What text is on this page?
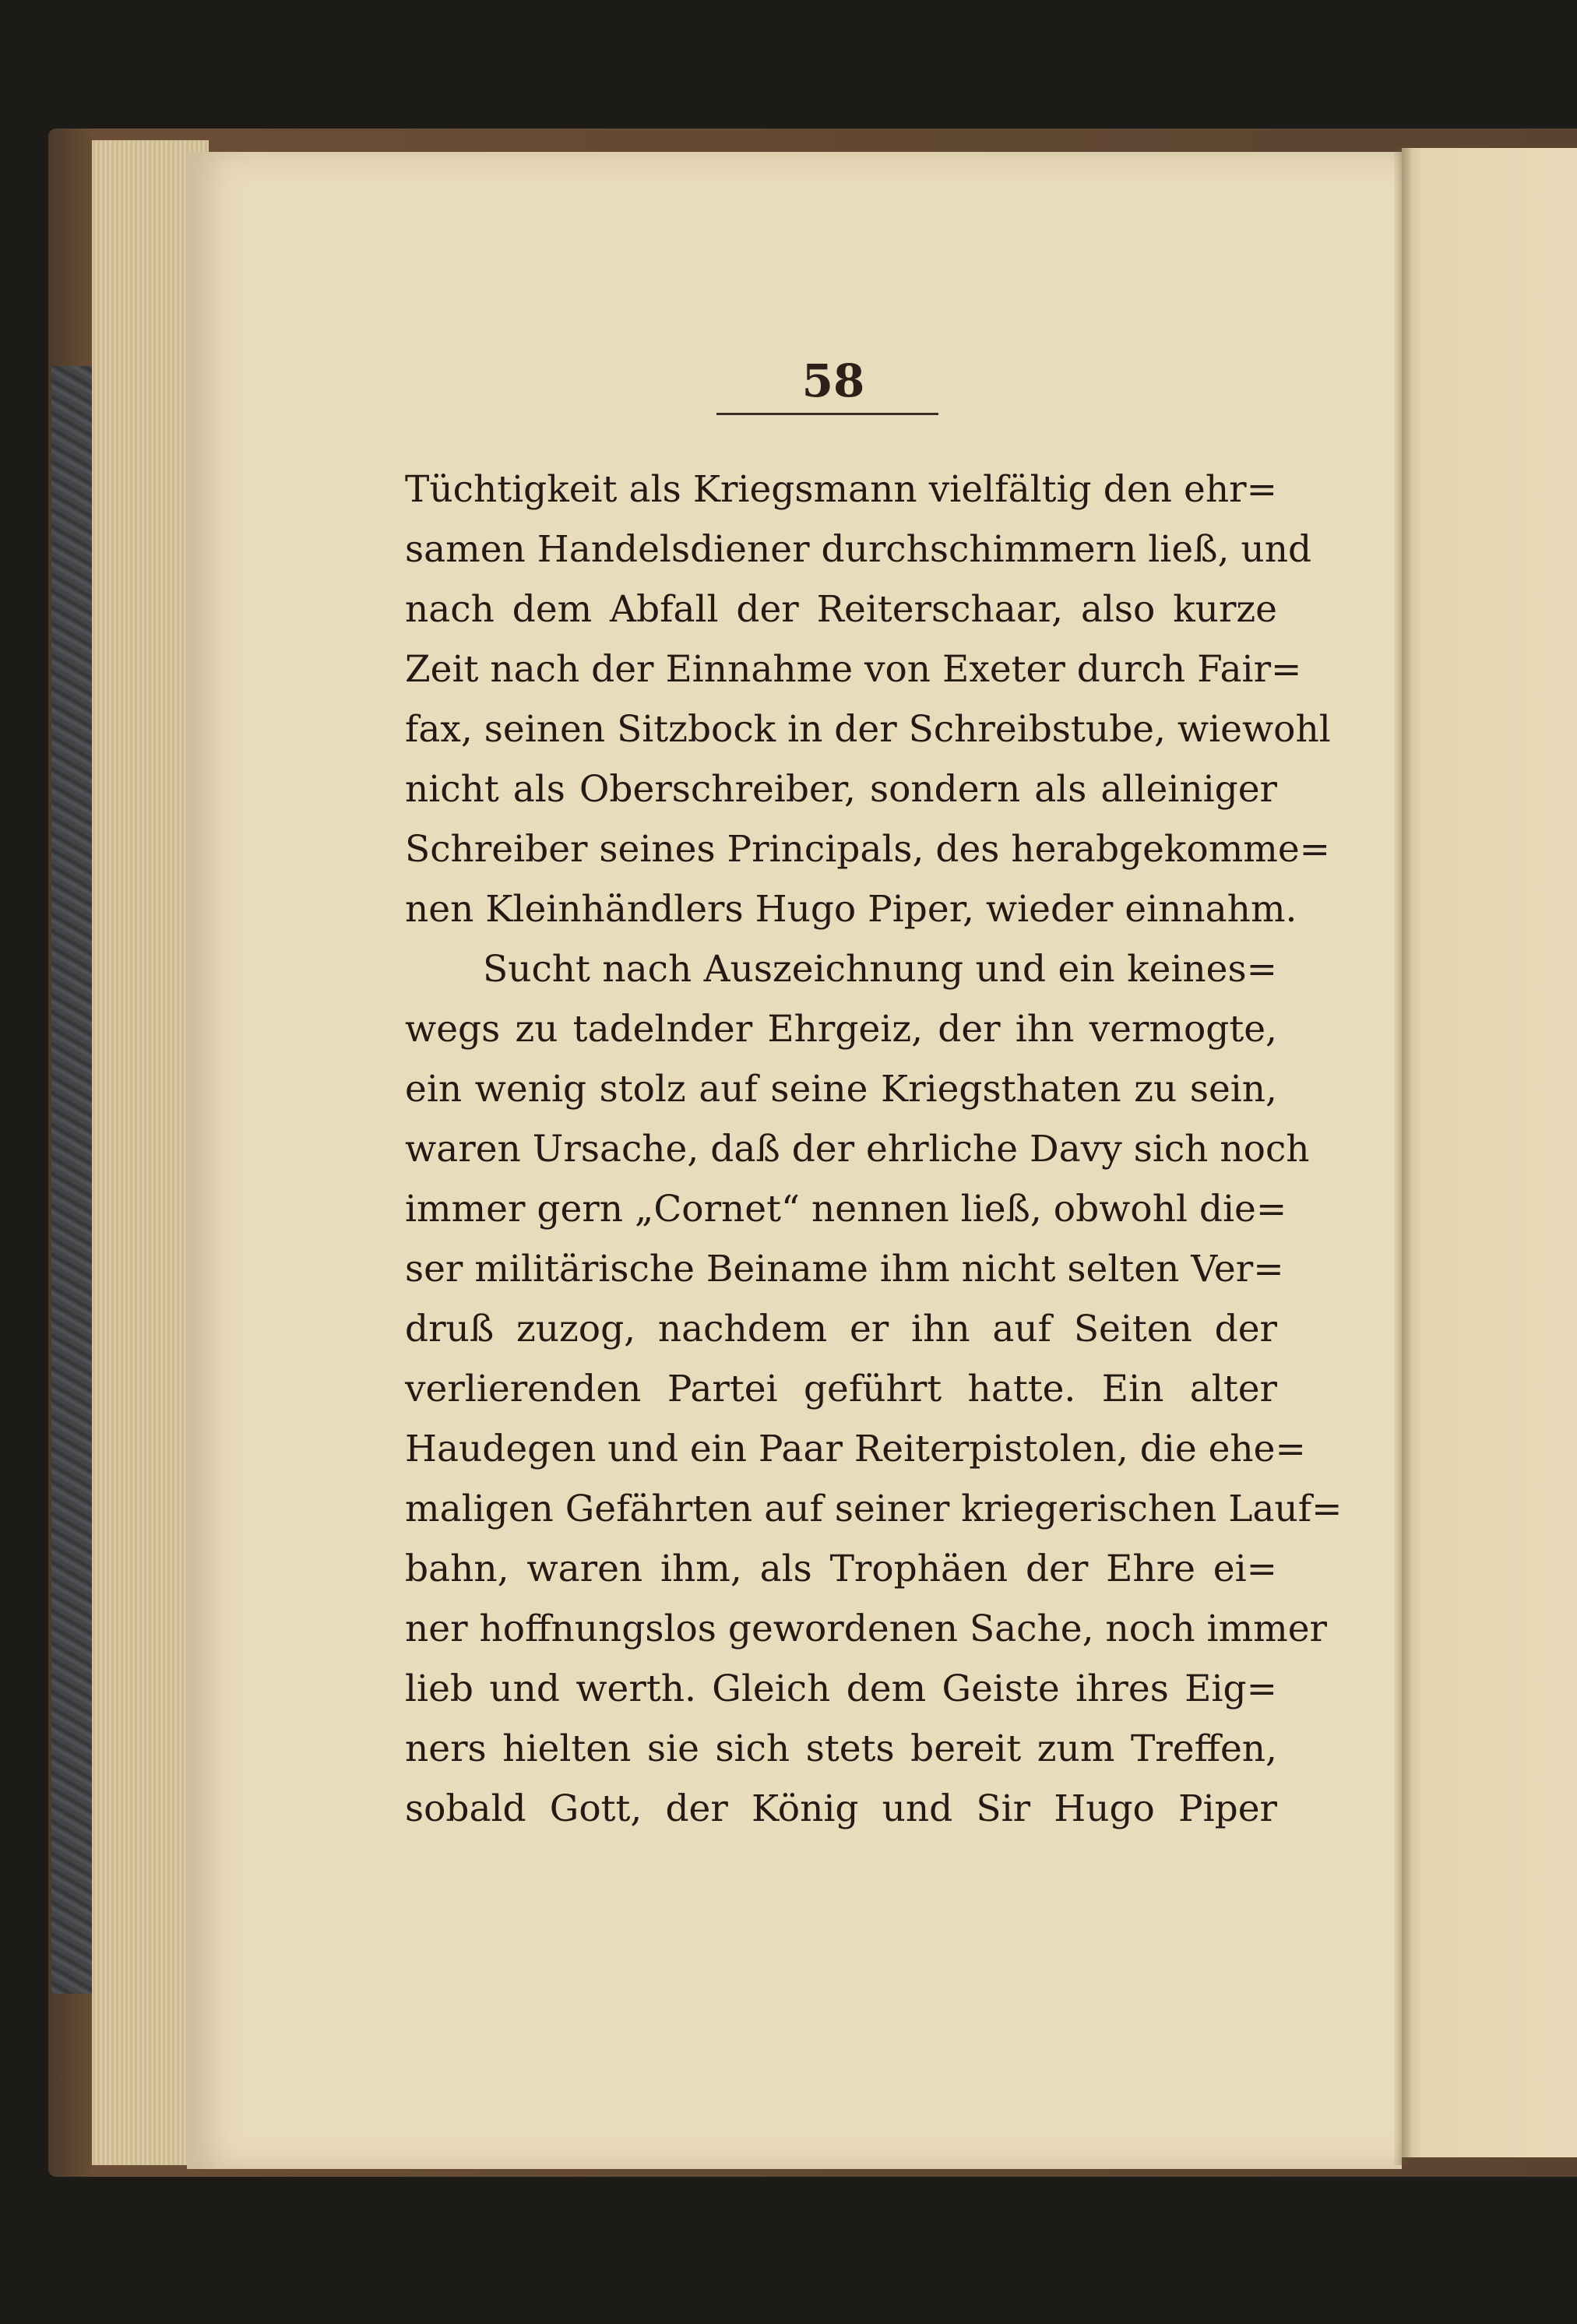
58
Tüchtigkeit als Kriegsmann vielfältig den ehr=
samen Handelsdiener durchschimmern ließ, und
nach dem Abfall der Reiterschaar, also kurze
Zeit nach der Einnahme von Exeter durch Fair=
fax, seinen Sitzbock in der Schreibstube, wiewohl
nicht als Oberschreiber, sondern als alleiniger
Schreiber seines Principals, des herabgekomme=
nen Kleinhändlers Hugo Piper, wieder einnahm.
Sucht nach Auszeichnung und ein keines=
wegs zu tadelnder Ehrgeiz, der ihn vermogte,
ein wenig stolz auf seine Kriegsthaten zu sein,
waren Ursache, daß der ehrliche Davy sich noch
immer gern „Cornet“ nennen ließ, obwohl die=
ser militärische Beiname ihm nicht selten Ver=
druß zuzog, nachdem er ihn auf Seiten der
verlierenden Partei geführt hatte. Ein alter
Haudegen und ein Paar Reiterpistolen, die ehe=
maligen Gefährten auf seiner kriegerischen Lauf=
bahn, waren ihm, als Trophäen der Ehre ei=
ner hoffnungslos gewordenen Sache, noch immer
lieb und werth. Gleich dem Geiste ihres Eig=
ners hielten sie sich stets bereit zum Treffen,
sobald Gott, der König und Sir Hugo Piper
